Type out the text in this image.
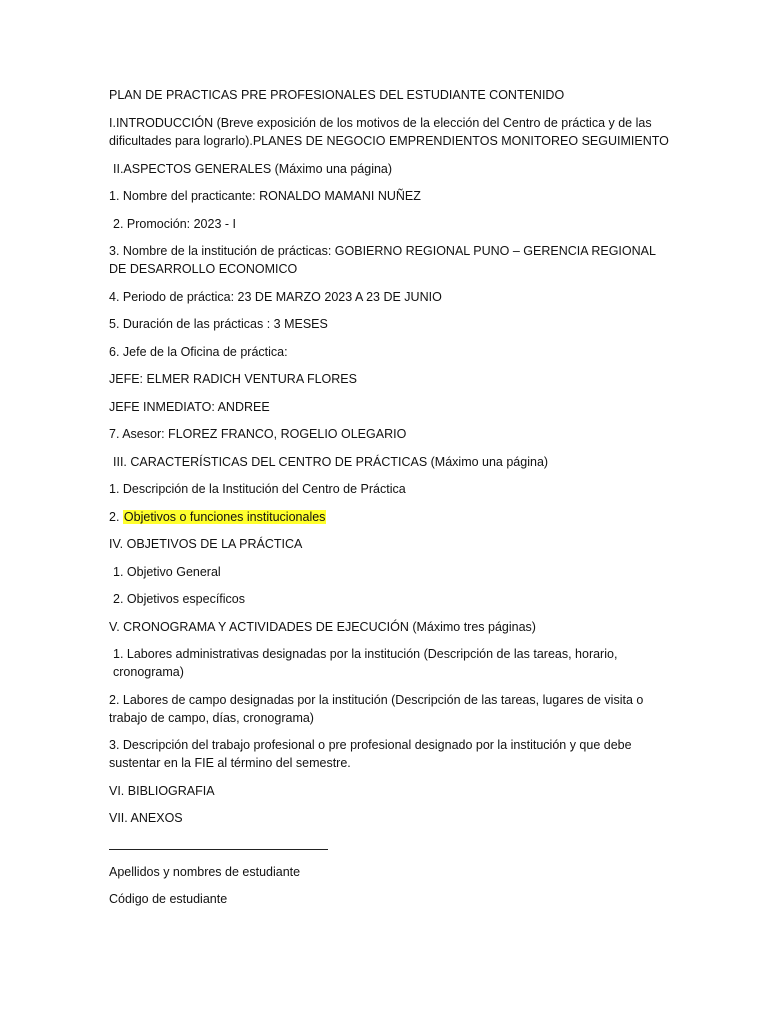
PLAN DE PRACTICAS PRE PROFESIONALES DEL ESTUDIANTE CONTENIDO

I.INTRODUCCIÓN (Breve exposición de los motivos de la elección del Centro de práctica y de las dificultades para lograrlo).PLANES DE NEGOCIO EMPRENDIENTOS MONITOREO SEGUIMIENTO

II.ASPECTOS GENERALES (Máximo una página)

1. Nombre del practicante: RONALDO MAMANI NUÑEZ

2. Promoción: 2023 - I

3. Nombre de la institución de prácticas: GOBIERNO REGIONAL PUNO – GERENCIA REGIONAL DE DESARROLLO ECONOMICO

4. Periodo de práctica: 23 DE MARZO 2023 A 23 DE JUNIO

5. Duración de las prácticas : 3 MESES

6. Jefe de la Oficina de práctica:

JEFE: ELMER RADICH VENTURA FLORES

JEFE INMEDIATO: ANDREE

7. Asesor: FLOREZ FRANCO, ROGELIO OLEGARIO

III. CARACTERÍSTICAS DEL CENTRO DE PRÁCTICAS (Máximo una página)

1. Descripción de la Institución del Centro de Práctica

2. Objetivos o funciones institucionales

IV. OBJETIVOS DE LA PRÁCTICA

1. Objetivo General

2. Objetivos específicos

V. CRONOGRAMA Y ACTIVIDADES DE EJECUCIÓN (Máximo tres páginas)

1. Labores administrativas designadas por la institución (Descripción de las tareas, horario, cronograma)

2. Labores de campo designadas por la institución (Descripción de las tareas, lugares de visita o trabajo de campo, días, cronograma)

3. Descripción del trabajo profesional o pre profesional designado por la institución y que debe sustentar en la FIE al término del semestre.

VI. BIBLIOGRAFIA

VII. ANEXOS

Apellidos y nombres de estudiante

Código de estudiante
